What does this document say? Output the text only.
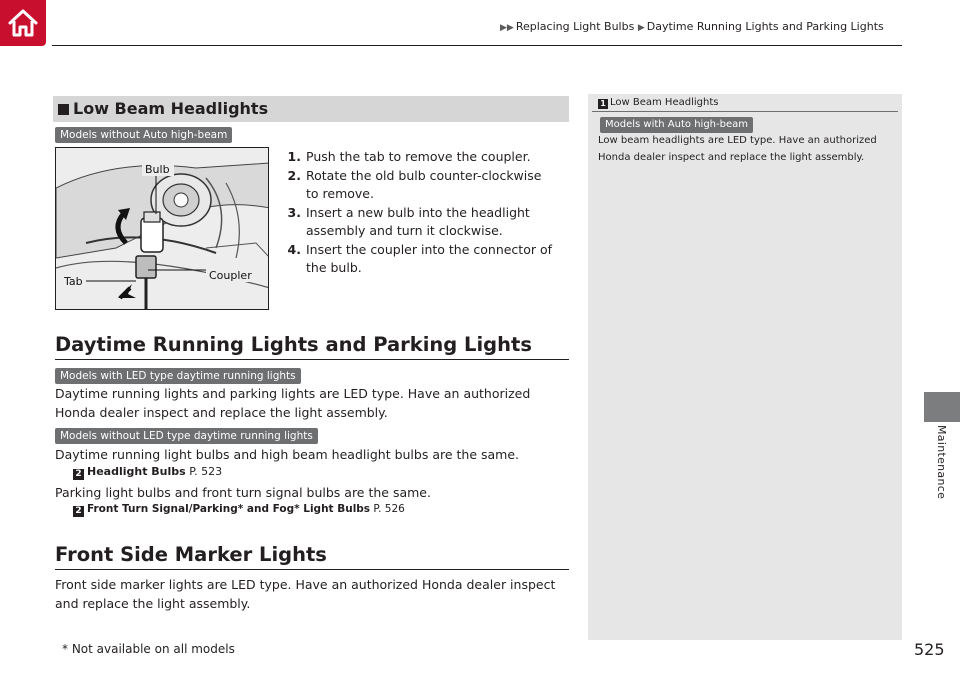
▶▶ Replacing Light Bulbs ▶ Daytime Running Lights and Parking Lights
Maintenance
Low Beam Headlights
Models without Auto high-beam
Bulb
Coupler
Tab
1. Push the tab to remove the coupler.
2. Rotate the old bulb counter-clockwise to remove.
3. Insert a new bulb into the headlight assembly and turn it clockwise.
4. Insert the coupler into the connector of the bulb.
Daytime Running Lights and Parking Lights
Models with LED type daytime running lights
Daytime running lights and parking lights are LED type. Have an authorized Honda dealer inspect and replace the light assembly.
Models without LED type daytime running lights
Daytime running light bulbs and high beam headlight bulbs are the same.
2 Headlight Bulbs P. 523
Parking light bulbs and front turn signal bulbs are the same.
2 Front Turn Signal/Parking* and Fog* Light Bulbs P. 526
Front Side Marker Lights
Front side marker lights are LED type. Have an authorized Honda dealer inspect and replace the light assembly.
1 Low Beam Headlights
Models with Auto high-beam
Low beam headlights are LED type. Have an authorized Honda dealer inspect and replace the light assembly.
* Not available on all models	525
